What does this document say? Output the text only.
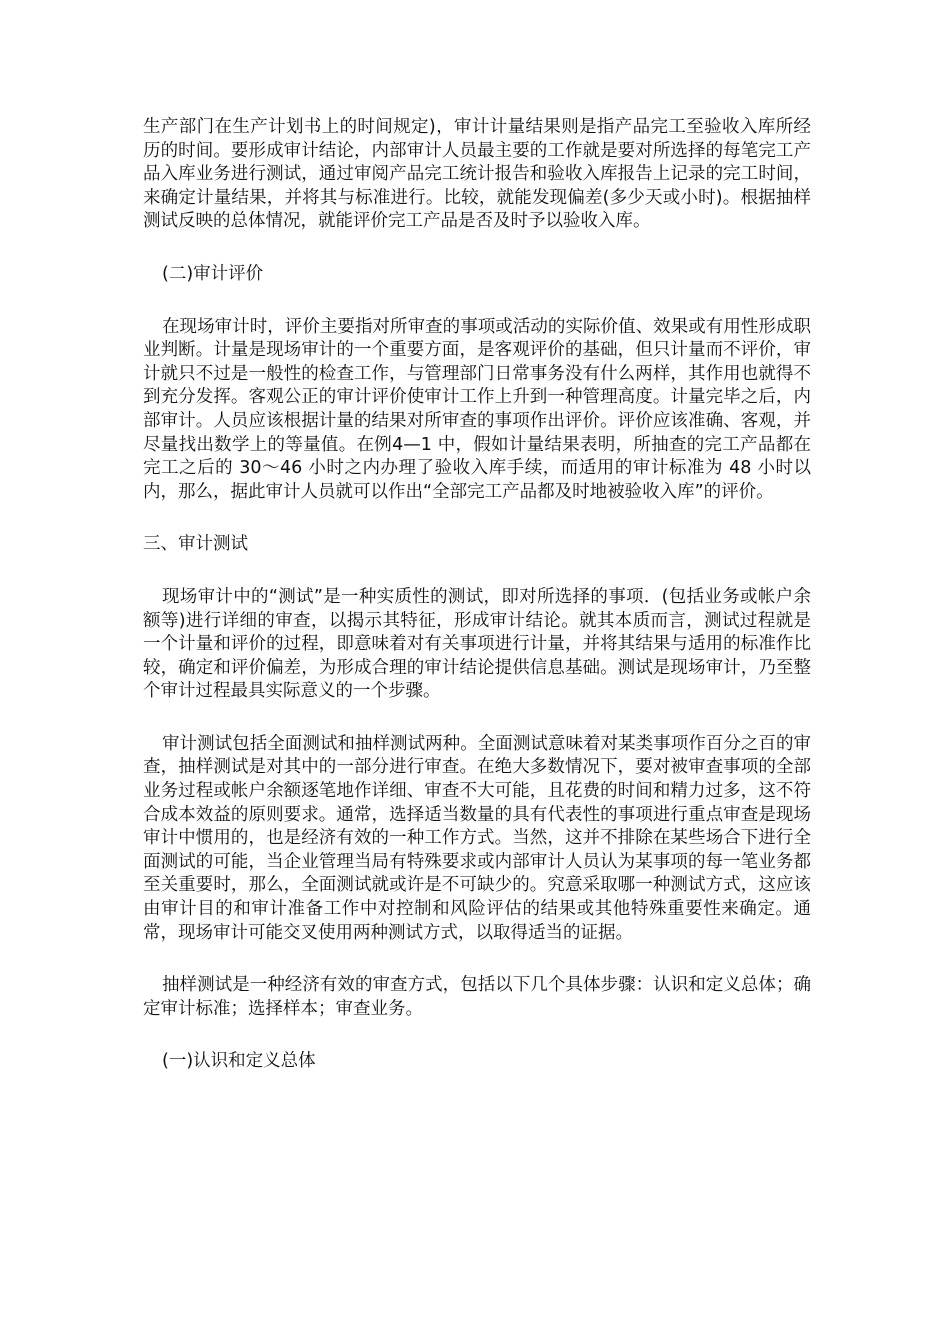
生产部门在生产计划书上的时间规定)，审计计量结果则是指产品完工至验收入库所经历的时间。要形成审计结论，内部审计人员最主要的工作就是要对所选择的每笔完工产品入库业务进行测试，通过审阅产品完工统计报告和验收入库报告上记录的完工时间，来确定计量结果，并将其与标准进行。比较，就能发现偏差(多少天或小时)。根据抽样测试反映的总体情况，就能评价完工产品是否及时予以验收入库。

(二)审计评价

在现场审计时，评价主要指对所审查的事项或活动的实际价值、效果或有用性形成职业判断。计量是现场审计的一个重要方面，是客观评价的基础，但只计量而不评价，审计就只不过是一般性的检查工作，与管理部门日常事务没有什么两样，其作用也就得不到充分发挥。客观公正的审计评价使审计工作上升到一种管理高度。计量完毕之后，内部审计。人员应该根据计量的结果对所审查的事项作出评价。评价应该准确、客观，并尽量找出数学上的等量值。在例4—1 中，假如计量结果表明，所抽查的完工产品都在完工之后的 30～46 小时之内办理了验收入库手续，而适用的审计标准为 48 小时以内，那么，据此审计人员就可以作出“全部完工产品都及时地被验收入库”的评价。

三、审计测试

现场审计中的“测试”是一种实质性的测试，即对所选择的事项．(包括业务或帐户余额等)进行详细的审查，以揭示其特征，形成审计结论。就其本质而言，测试过程就是一个计量和评价的过程，即意味着对有关事项进行计量，并将其结果与适用的标准作比较，确定和评价偏差，为形成合理的审计结论提供信息基础。测试是现场审计，乃至整个审计过程最具实际意义的一个步骤。

审计测试包括全面测试和抽样测试两种。全面测试意味着对某类事项作百分之百的审查，抽样测试是对其中的一部分进行审查。在绝大多数情况下，要对被审查事项的全部业务过程或帐户余额逐笔地作详细、审查不大可能，且花费的时间和精力过多，这不符合成本效益的原则要求。通常，选择适当数量的具有代表性的事项进行重点审查是现场审计中惯用的，也是经济有效的一种工作方式。当然，这并不排除在某些场合下进行全面测试的可能，当企业管理当局有特殊要求或内部审计人员认为某事项的每一笔业务都至关重要时，那么，全面测试就或许是不可缺少的。究意采取哪一种测试方式，这应该由审计目的和审计准备工作中对控制和风险评估的结果或其他特殊重要性来确定。通常，现场审计可能交叉使用两种测试方式，以取得适当的证据。

抽样测试是一种经济有效的审查方式，包括以下几个具体步骤：认识和定义总体；确定审计标准；选择样本；审查业务。

(一)认识和定义总体
